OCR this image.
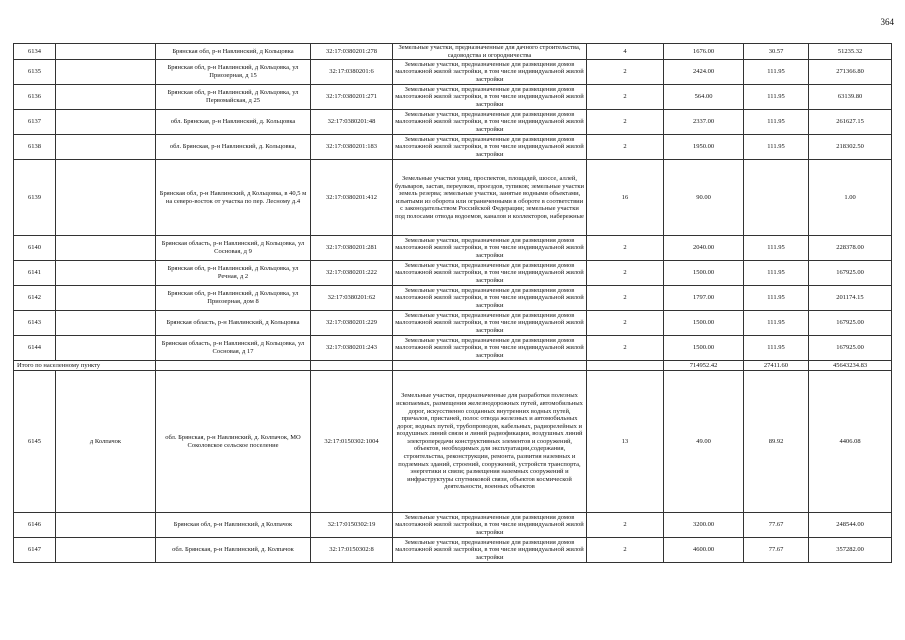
364
6134		Брянская обл, р-н Навлинский, д Кольцовка	32:17:0380201:278	Земельные участки, предназначенные для дачного строительства, садоводства и огородничества	4	1676.00	30.57	51235.32
6135		Брянская обл, р-н Навлинский, д Кольцовка, ул Приозерная, д 15	32:17:0380201:6	Земельные участки, предназначенные для размещения домов малоэтажной жилой застройки, в том числе индивидуальной жилой застройки	2	2424.00	111.95	271366.80
6136		Брянская обл, р-н Навлинский, д Кольцовка, ул Первомайская, д 25	32:17:0380201:271	Земельные участки, предназначенные для размещения домов малоэтажной жилой застройки, в том числе индивидуальной жилой застройки	2	564.00	111.95	63139.80
6137		обл. Брянская, р-н Навлинский, д. Кольцовка	32:17:0380201:48	Земельные участки, предназначенные для размещения домов малоэтажной жилой застройки, в том числе индивидуальной жилой застройки	2	2337.00	111.95	261627.15
6138		обл. Брянская, р-н Навлинский, д. Кольцовка,	32:17:0380201:183	Земельные участки, предназначенные для размещения домов малоэтажной жилой застройки, в том числе индивидуальной жилой застройки	2	1950.00	111.95	218302.50
6139		Брянская обл, р-н Навлинский, д Кольцовка, в 40,5 м на северо-восток от участка по пер. Лесному д.4	32:17:0380201:412	Земельные участки улиц, проспектов, площадей, шоссе, аллей, бульваров, застав, переулков, проездов, тупиков; земельные участки земель резерва; земельные участки, занятые водными объектами, изъятыми из оборота или ограниченными в обороте в соответствии с законодательством Российской Федерации; земельные участки под полосами отвода водоемов, каналов и коллекторов, набережные	16	90.00		1.00
6140		Брянская область, р-н Навлинский, д Кольцовка, ул Сосновая, д 9	32:17:0380201:281	Земельные участки, предназначенные для размещения домов малоэтажной жилой застройки, в том числе индивидуальной жилой застройки	2	2040.00	111.95	228378.00
6141		Брянская обл, р-н Навлинский, д Кольцовка, ул Речная, д 2	32:17:0380201:222	Земельные участки, предназначенные для размещения домов малоэтажной жилой застройки, в том числе индивидуальной жилой застройки	2	1500.00	111.95	167925.00
6142		Брянская обл, р-н Навлинский, д Кольцовка, ул Приозерная, дом 8	32:17:0380201:62	Земельные участки, предназначенные для размещения домов малоэтажной жилой застройки, в том числе индивидуальной жилой застройки	2	1797.00	111.95	201174.15
6143		Брянская область, р-н Навлинский, д Кольцовка	32:17:0380201:229	Земельные участки, предназначенные для размещения домов малоэтажной жилой застройки, в том числе индивидуальной жилой застройки	2	1500.00	111.95	167925.00
6144		Брянская область, р-н Навлинский, д Кольцовка, ул Сосновая, д 17	32:17:0380201:243	Земельные участки, предназначенные для размещения домов малоэтажной жилой застройки, в том числе индивидуальной жилой застройки	2	1500.00	111.95	167925.00
Итого по населенному пункту						714952.42	27411.60	45643234.83
6145	д Колпачок	обл. Брянская, р-н Навлинский, д. Колпачок, МО Соколовское сельское поселение	32:17:0150302:1004	Земельные участки, предназначенные для разработки полезных ископаемых, размещения железнодорожных путей, автомобильных дорог, искусственно созданных внутренних водных путей, причалов, пристаней, полос отвода железных и автомобильных дорог, водных путей, трубопроводов, кабельных, радиорелейных и воздушных линий связи и линий радиофикации, воздушных линий электропередачи конструктивных элементов и сооружений, объектов, необходимых для эксплуатации,содержания, строительства, реконструкции, ремонта, развития наземных и подземных зданий, строений, сооружений, устройств транспорта, энергетики и связи; размещения наземных сооружений и инфраструктуры спутниковой связи, объектов космической деятельности, военных объектов	13	49.00	89.92	4406.08
6146		Брянская обл, р-н Навлинский, д Колпачок	32:17:0150302:19	Земельные участки, предназначенные для размещения домов малоэтажной жилой застройки, в том числе индивидуальной жилой застройки	2	3200.00	77.67	248544.00
6147		обл. Брянская, р-н Навлинский, д. Колпачок	32:17:0150302:8	Земельные участки, предназначенные для размещения домов малоэтажной жилой застройки, в том числе индивидуальной жилой застройки	2	4600.00	77.67	357282.00
